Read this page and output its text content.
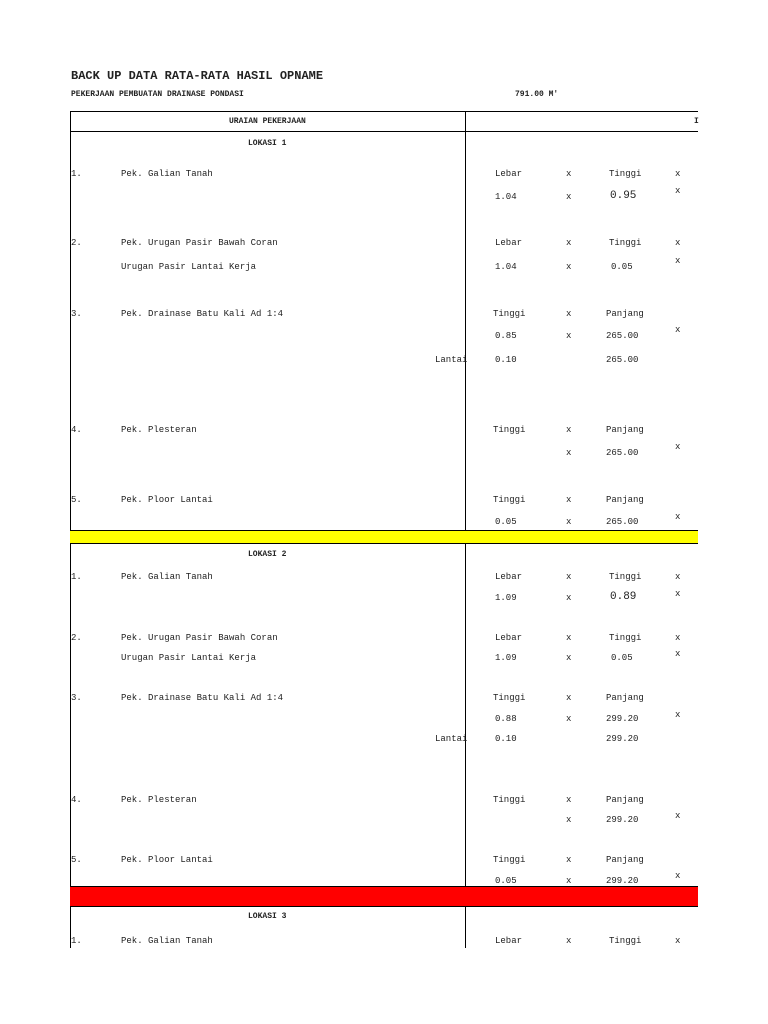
BACK UP DATA RATA-RATA HASIL OPNAME
PEKERJAAN PEMBUATAN DRAINASE PONDASI	791.00 M'
URAIAN PEKERJAAN	I
LOKASI 1
1.	Pek. Galian Tanah	Lebar	x	Tinggi	x
x
1.04	x	0.95
2.	Pek. Urugan Pasir Bawah Coran	Lebar	x	Tinggi	x
x
Urugan Pasir Lantai Kerja	1.04	x	0.05
3.	Pek. Drainase Batu Kali Ad 1:4	Tinggi	x	Panjang
x
0.85	x	265.00
Lantai	0.10	265.00
4.	Pek. Plesteran	Tinggi	x	Panjang
x
x	265.00
5.	Pek. Ploor Lantai	Tinggi	x	Panjang
x
0.05	x	265.00
LOKASI 2
1.	Pek. Galian Tanah	Lebar	x	Tinggi	x
x
1.09	x	0.89
2.	Pek. Urugan Pasir Bawah Coran	Lebar	x	Tinggi	x
x
Urugan Pasir Lantai Kerja	1.09	x	0.05
3.	Pek. Drainase Batu Kali Ad 1:4	Tinggi	x	Panjang
x
0.88	x	299.20
Lantai	0.10	299.20
4.	Pek. Plesteran	Tinggi	x	Panjang
x
x	299.20
5.	Pek. Ploor Lantai	Tinggi	x	Panjang
x
0.05	x	299.20
LOKASI 3
1.	Pek. Galian Tanah	Lebar	x	Tinggi	x
